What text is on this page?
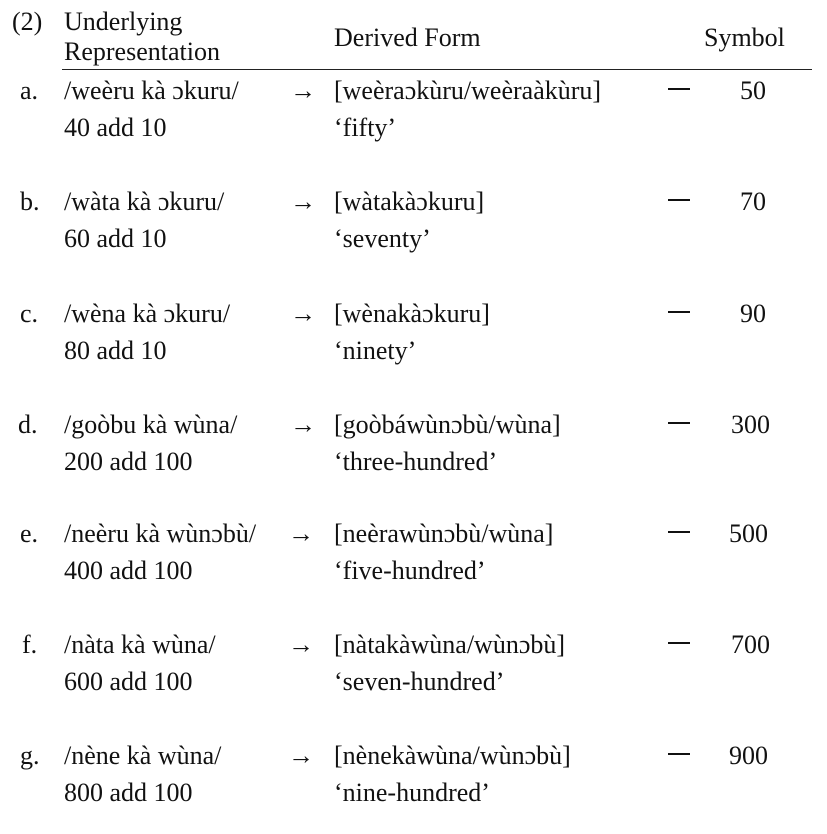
(2) Underlying
Representation	Derived Form	Symbol
a. /weèru kà ɔkuru/
40 add 10
→ [weèraɔkùru/weèraàkùru]
‘fifty’
50
b. /wàta kà ɔkuru/
60 add 10
→ [wàtakàɔkuru]
‘seventy’
70
c. /wèna kà ɔkuru/
80 add 10
→ [wènakàɔkuru]
‘ninety’
90
d. /goòbu kà wùna/
200 add 100
→ [goòbáwùnɔbù/wùna]
‘three-hundred’
300
e. /neèru kà wùnɔbù/
400 add 100
→ [neèrawùnɔbù/wùna]
‘five-hundred’
500
f. /nàta kà wùna/
600 add 100
→ [nàtakàwùna/wùnɔbù]
‘seven-hundred’
700
g. /nène kà wùna/
800 add 100
→ [nènekàwùna/wùnɔbù]
‘nine-hundred’
900
